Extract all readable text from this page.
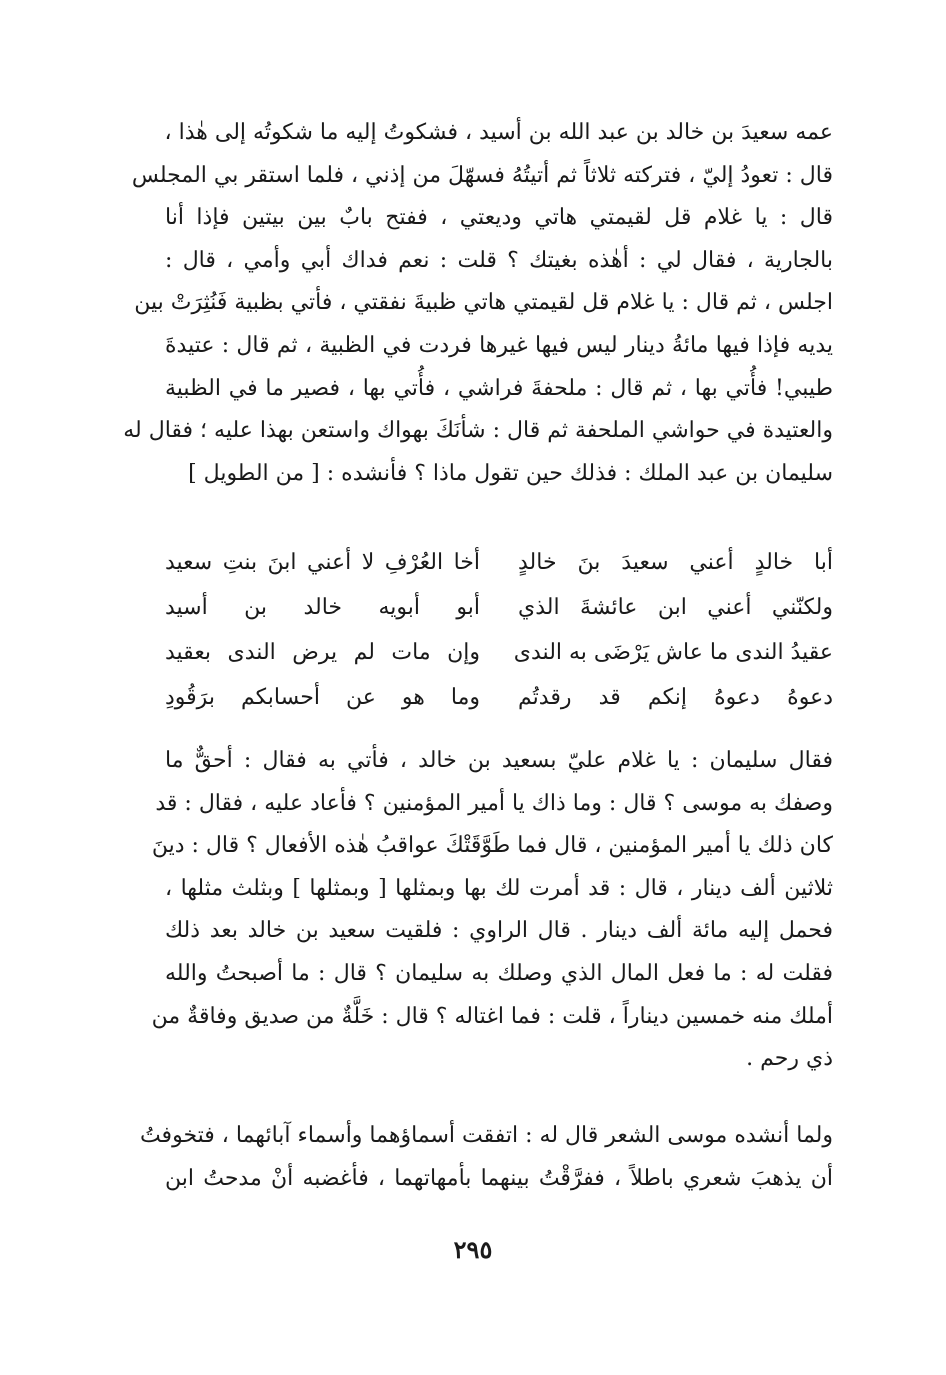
عمه سعيدَ بن خالد بن عبد الله بن أسيد ، فشكوتُ إليه ما شكوتُه إلى هٰذا ،
قال : تعودُ إليّ ، فتركته ثلاثاً ثم أتيتُهُ فسهّلَ من إذني ، فلما استقر بي المجلس
قال : يا غلام قل لقيمتي هاتي وديعتي ، ففتح بابٌ بين بيتين فإذا أنا
بالجارية ، فقال لي : أهٰذه بغيتك ؟ قلت : نعم فداك أبي وأمي ، قال :
اجلس ، ثم قال : يا غلام قل لقيمتي هاتي ظبيةَ نفقتي ، فأتي بظبية فَنُثِرَتْ بين
يديه فإذا فيها مائةُ دينار ليس فيها غيرها فردت في الظبية ، ثم قال : عتيدةَ
طيبي! فأُتي بها ، ثم قال : ملحفةَ فراشي ، فأُتي بها ، فصير ما في الظبية
والعتيدة في حواشي الملحفة ثم قال : شأنَكَ بهواك واستعن بهذا عليه ؛ فقال له
سليمان بن عبد الملك : فذلك حين تقول ماذا ؟ فأنشده : [ من الطويل ]
أبا خالدٍ أعني سعيدَ بنَ خالدٍ
أخا العُرْفِ لا أعني ابنَ بنتِ سعيد
ولكنّني أعني ابن عائشةَ الذي
أبو أبويه خالد بن أسيد
عقيدُ الندى ما عاش يَرْضَى به الندى
وإن مات لم يرض الندى بعقيد
دعوهُ دعوهُ إنكم قد رقدتُم
وما هو عن أحسابكم برَقُودِ
فقال سليمان : يا غلام عليّ بسعيد بن خالد ، فأتي به فقال : أحقٌّ ما
وصفك به موسى ؟ قال : وما ذاك يا أمير المؤمنين ؟ فأعاد عليه ، فقال : قد
كان ذلك يا أمير المؤمنين ، قال فما طَوَّقَتْكَ عواقبُ هٰذه الأفعال ؟ قال : دينَ
ثلاثين ألف دينار ، قال : قد أمرت لك بها وبمثلها [ وبمثلها ] وبثلث مثلها ،
فحمل إليه مائة ألف دينار . قال الراوي : فلقيت سعيد بن خالد بعد ذلك
فقلت له : ما فعل المال الذي وصلك به سليمان ؟ قال : ما أصبحتُ والله
أملك منه خمسين ديناراً ، قلت : فما اغتاله ؟ قال : خَلَّةٌ من صديق وفاقةٌ من
ذي رحم .
ولما أنشده موسى الشعر قال له : اتفقت أسماؤهما وأسماء آبائهما ، فتخوفتُ
أن يذهبَ شعري باطلاً ، ففرَّقْتُ بينهما بأمهاتهما ، فأغضبه أنْ مدحتُ ابن
٢٩٥
